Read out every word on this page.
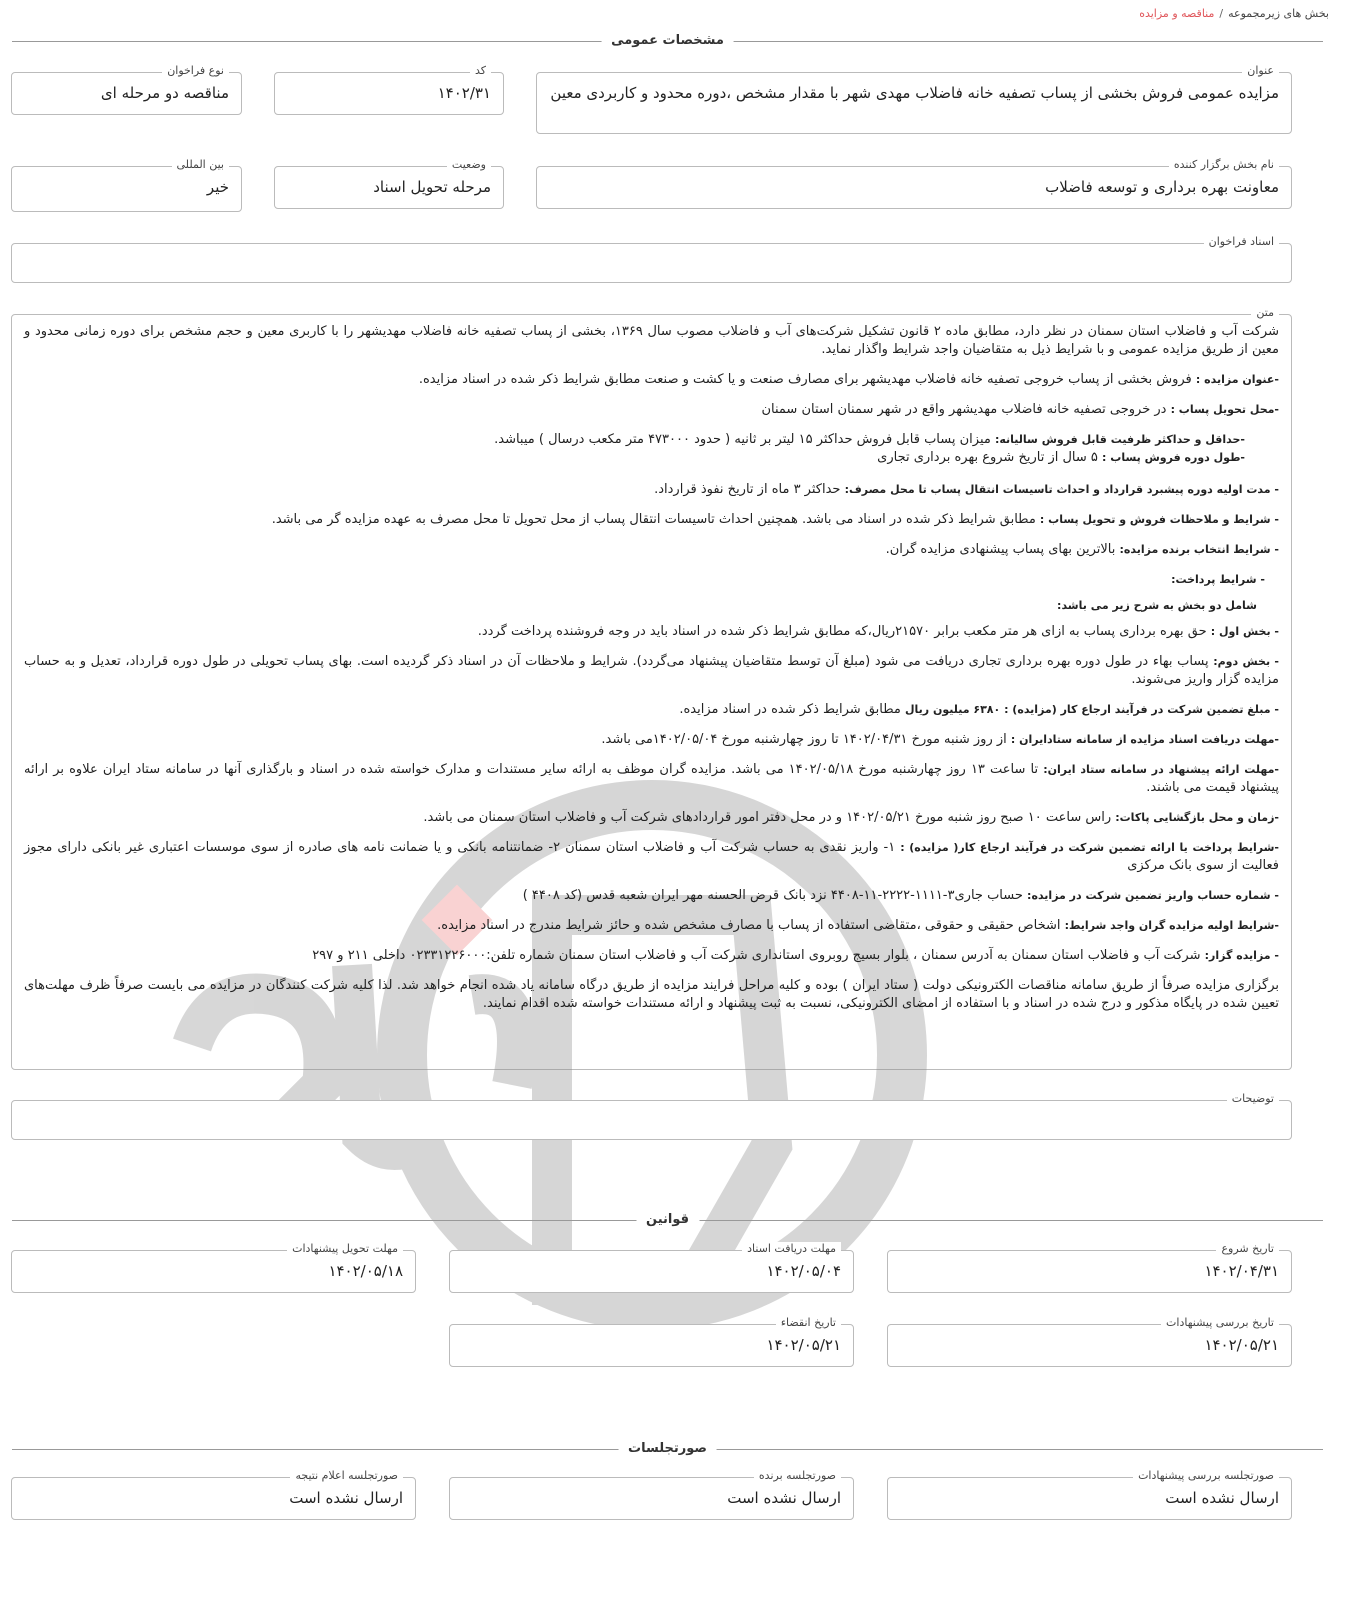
بخش های زیرمجموعه/مناقصه و مزایده
مشخصات عمومی
عنوان
مزایده عمومی فروش بخشی از پساب تصفیه خانه فاضلاب مهدی شهر با مقدار مشخص ،دوره محدود و کاربردی معین
کد
۱۴۰۲/۳۱
نوع فراخوان
مناقصه دو مرحله ای
نام بخش برگزار کننده
معاونت بهره برداری و توسعه فاضلاب
وضعیت
مرحله تحویل اسناد
بین المللی
خیر
اسناد فراخوان
متن

شرکت آب و فاضلاب استان سمنان در نظر دارد، مطابق ماده ۲ قانون تشکیل شرکت‌های آب و فاضلاب مصوب سال ۱۳۶۹، بخشی از پساب تصفیه خانه فاضلاب مهدیشهر را با کاربری معین و حجم مشخص برای دوره زمانی محدود و معین از طریق مزایده عمومی و با شرایط ذیل به متقاضیان واجد شرایط واگذار نماید.

-عنوان مزایده : فروش بخشی از پساب خروجی تصفیه خانه فاضلاب مهدیشهر برای مصارف صنعت و یا کشت و صنعت مطابق شرایط ذکر شده در اسناد مزایده.

-محل تحویل پساب : در خروجی تصفیه خانه فاضلاب مهدیشهر واقع در شهر سمنان استان سمنان

-حداقل و حداکثر ظرفیت قابل فروش سالیانه: میزان پساب قابل فروش حداکثر ۱۵ لیتر بر ثانیه ( حدود ۴۷۳۰۰۰ متر مکعب درسال ) میباشد.

-طول دوره فروش پساب : ۵ سال از تاریخ شروع بهره برداری تجاری

- مدت اولیه دوره پیشبرد قرارداد و احداث تاسیسات انتقال پساب تا محل مصرف: حداکثر ۳ ماه از تاریخ نفوذ قرارداد.

- شرایط و ملاحظات فروش و تحویل پساب : مطابق شرایط ذکر شده در اسناد می باشد. همچنین احداث تاسیسات انتقال پساب از محل تحویل تا محل مصرف به عهده مزایده گر می باشد.

- شرایط انتخاب برنده مزایده: بالاترین بهای پساب پیشنهادی مزایده گران.

- شرایط پرداخت:

شامل دو بخش به شرح زیر می باشد:

- بخش اول : حق بهره برداری پساب به ازای هر متر مکعب برابر ۲۱۵۷۰ریال،که مطابق شرایط ذکر شده در اسناد باید در وجه فروشنده پرداخت گردد.

- بخش دوم: پساب بهاء در طول دوره بهره برداری تجاری دریافت می شود (مبلغ آن توسط متقاضیان پیشنهاد می‌گردد). شرایط و ملاحظات آن در اسناد ذکر گردیده است. بهای پساب تحویلی در طول دوره قرارداد، تعدیل و به حساب مزایده گزار واریز می‌شوند.

- مبلغ تضمین شرکت در فرآیند ارجاع کار (مزایده) : ۶۳۸۰ میلیون ریال مطابق شرایط ذکر شده در اسناد مزایده.

-مهلت دریافت اسناد مزایده از سامانه ستادایران : از روز شنبه مورخ ۱۴۰۲/۰۴/۳۱ تا روز چهارشنبه مورخ ۱۴۰۲/۰۵/۰۴می باشد.

-مهلت ارائه پیشنهاد در سامانه ستاد ایران: تا ساعت ۱۳ روز چهارشنبه مورخ ۱۴۰۲/۰۵/۱۸ می باشد. مزایده گران موظف به ارائه سایر مستندات و مدارک خواسته شده در اسناد و بارگذاری آنها در سامانه ستاد ایران علاوه بر ارائه پیشنهاد قیمت می باشند.

-زمان و محل بازگشایی پاکات: راس ساعت ۱۰ صبح روز شنبه مورخ ۱۴۰۲/۰۵/۲۱ و در محل دفتر امور قراردادهای شرکت آب و فاضلاب استان سمنان می باشد.

-شرایط پرداخت یا ارائه تضمین شرکت در فرآیند ارجاع کار( مزایده) : ۱- واریز نقدی به حساب شرکت آب و فاضلاب استان سمنان ۲- ضمانتنامه بانکی و یا ضمانت نامه های صادره از سوی موسسات اعتباری غیر بانکی دارای مجوز فعالیت از سوی بانک مرکزی

- شماره حساب واریز تضمین شرکت در مزایده: حساب جاری۳-۱۱۱۱-۲۲۲۲-۱۱-۴۴۰۸ نزد بانک قرض الحسنه مهر ایران شعبه قدس (کد ۴۴۰۸ )

-شرایط اولیه مزایده گران واجد شرایط: اشخاص حقیقی و حقوقی ،متقاضی استفاده از پساب با مصارف مشخص شده و حائز شرایط مندرج در اسناد مزایده.

- مزایده گزار: شرکت آب و فاضلاب استان سمنان به آدرس سمنان ، بلوار بسیج روبروی استانداری شرکت آب و فاضلاب استان سمنان شماره تلفن:۰۲۳۳۱۲۲۶۰۰۰ داخلی ۲۱۱ و ۲۹۷

برگزاری مزایده صرفاً از طریق سامانه مناقصات الکترونیکی دولت ( ستاد ایران ) بوده و کلیه مراحل فرایند مزایده از طریق درگاه سامانه یاد شده انجام خواهد شد. لذا کلیه شرکت کنندگان در مزایده می بایست صرفاً ظرف مهلت‌های تعیین شده در پایگاه مذکور و درج شده در اسناد و با استفاده از امضای الکترونیکی، نسبت به ثبت پیشنهاد و ارائه مستندات خواسته شده اقدام نمایند.

توضیحات
قوانین
تاریخ شروع
۱۴۰۲/۰۴/۳۱
مهلت دریافت اسناد
۱۴۰۲/۰۵/۰۴
مهلت تحویل پیشنهادات
۱۴۰۲/۰۵/۱۸
تاریخ بررسی پیشنهادات
۱۴۰۲/۰۵/۲۱
تاریخ انقضاء
۱۴۰۲/۰۵/۲۱
صورتجلسات
صورتجلسه بررسی پیشنهادات
ارسال نشده است
صورتجلسه برنده
ارسال نشده است
صورتجلسه اعلام نتیجه
ارسال نشده است
